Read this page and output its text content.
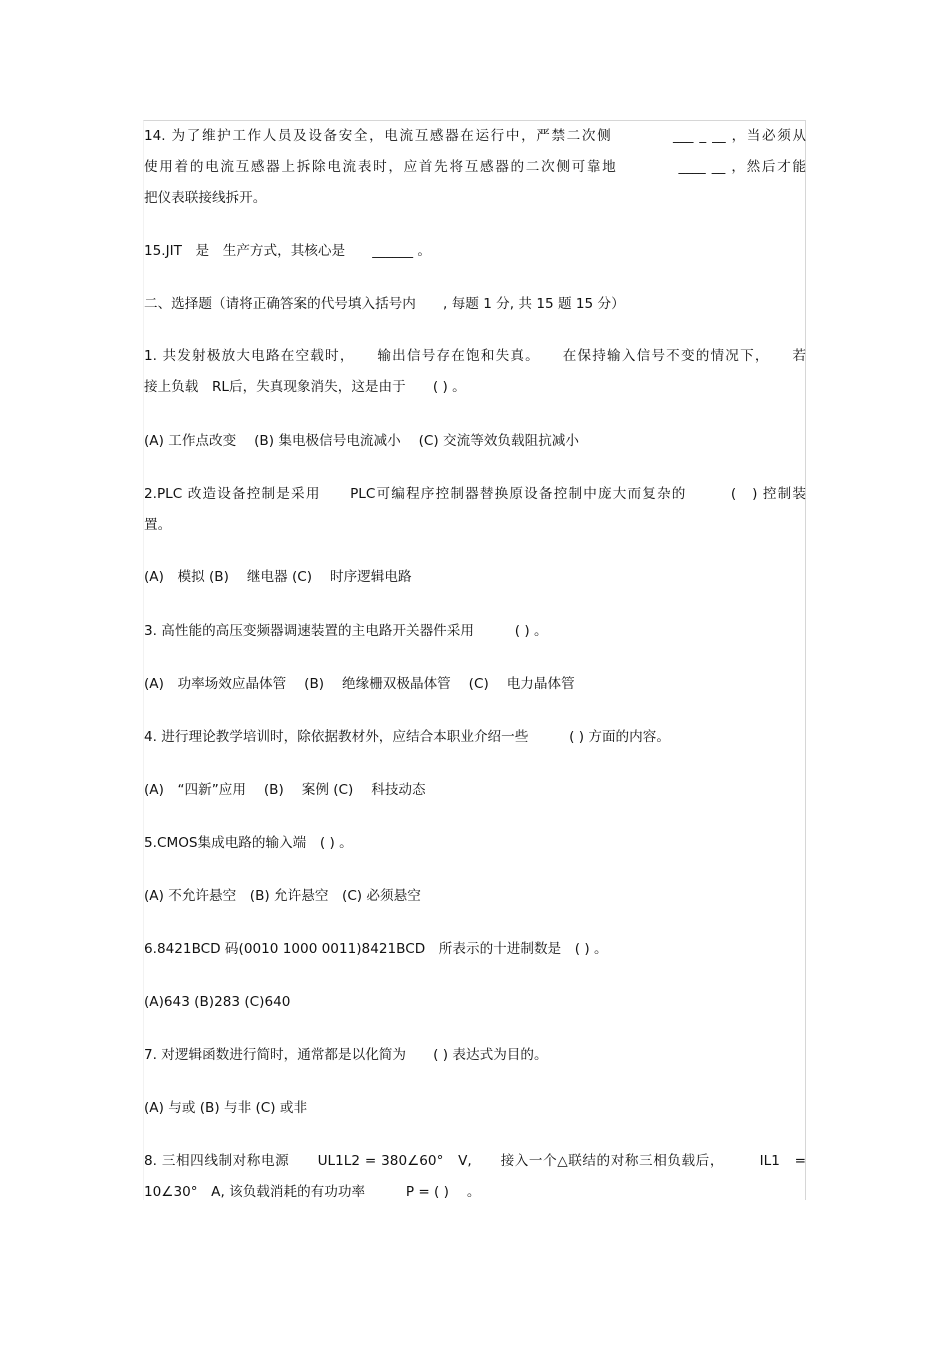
14. 为了维护工作人员及设备安全，电流互感器在运行中，严禁二次侧　　　　___ _ __ ，当必须从
使用着的电流互感器上拆除电流表时，应首先将互感器的二次侧可靠地　　　　____ __ ，然后才能
把仪表联接线拆开。
15.JIT　是　生产方式，其核心是　　______ 。
二、选择题（请将正确答案的代号填入括号内　　, 每题 1 分, 共 15 题 15 分）
1. 共发射极放大电路在空载时，　　输出信号存在饱和失真。　　在保持输入信号不变的情况下，　　若
接上负载　RL后，失真现象消失，这是由于　　( ) 。
(A) 工作点改变　 (B) 集电极信号电流减小　 (C) 交流等效负载阻抗减小
2.PLC 改造设备控制是采用　　PLC可编程序控制器替换原设备控制中庞大而复杂的　　　(　) 控制装
置。
(A)　模拟 (B)　 继电器 (C)　 时序逻辑电路
3. 高性能的高压变频器调速装置的主电路开关器件采用　　　( ) 。
(A)　功率场效应晶体管　 (B)　 绝缘栅双极晶体管　 (C)　 电力晶体管
4. 进行理论教学培训时，除依据教材外，应结合本职业介绍一些　　　( ) 方面的内容。
(A)　“四新”应用　 (B)　 案例 (C)　 科技动态
5.CMOS集成电路的输入端　( ) 。
(A) 不允许悬空　(B) 允许悬空　(C) 必须悬空
6.8421BCD 码(0010 1000 0011)8421BCD　所表示的十进制数是　( ) 。
(A)643 (B)283 (C)640
7. 对逻辑函数进行简时，通常都是以化简为　　( ) 表达式为目的。
(A) 与或 (B) 与非 (C) 或非
8. 三相四线制对称电源　　UL1L2 = 380∠60°　V,　　接入一个△联结的对称三相负载后，　　　IL1　=
10∠30°　A, 该负载消耗的有功功率　　　P = ( )　 。
